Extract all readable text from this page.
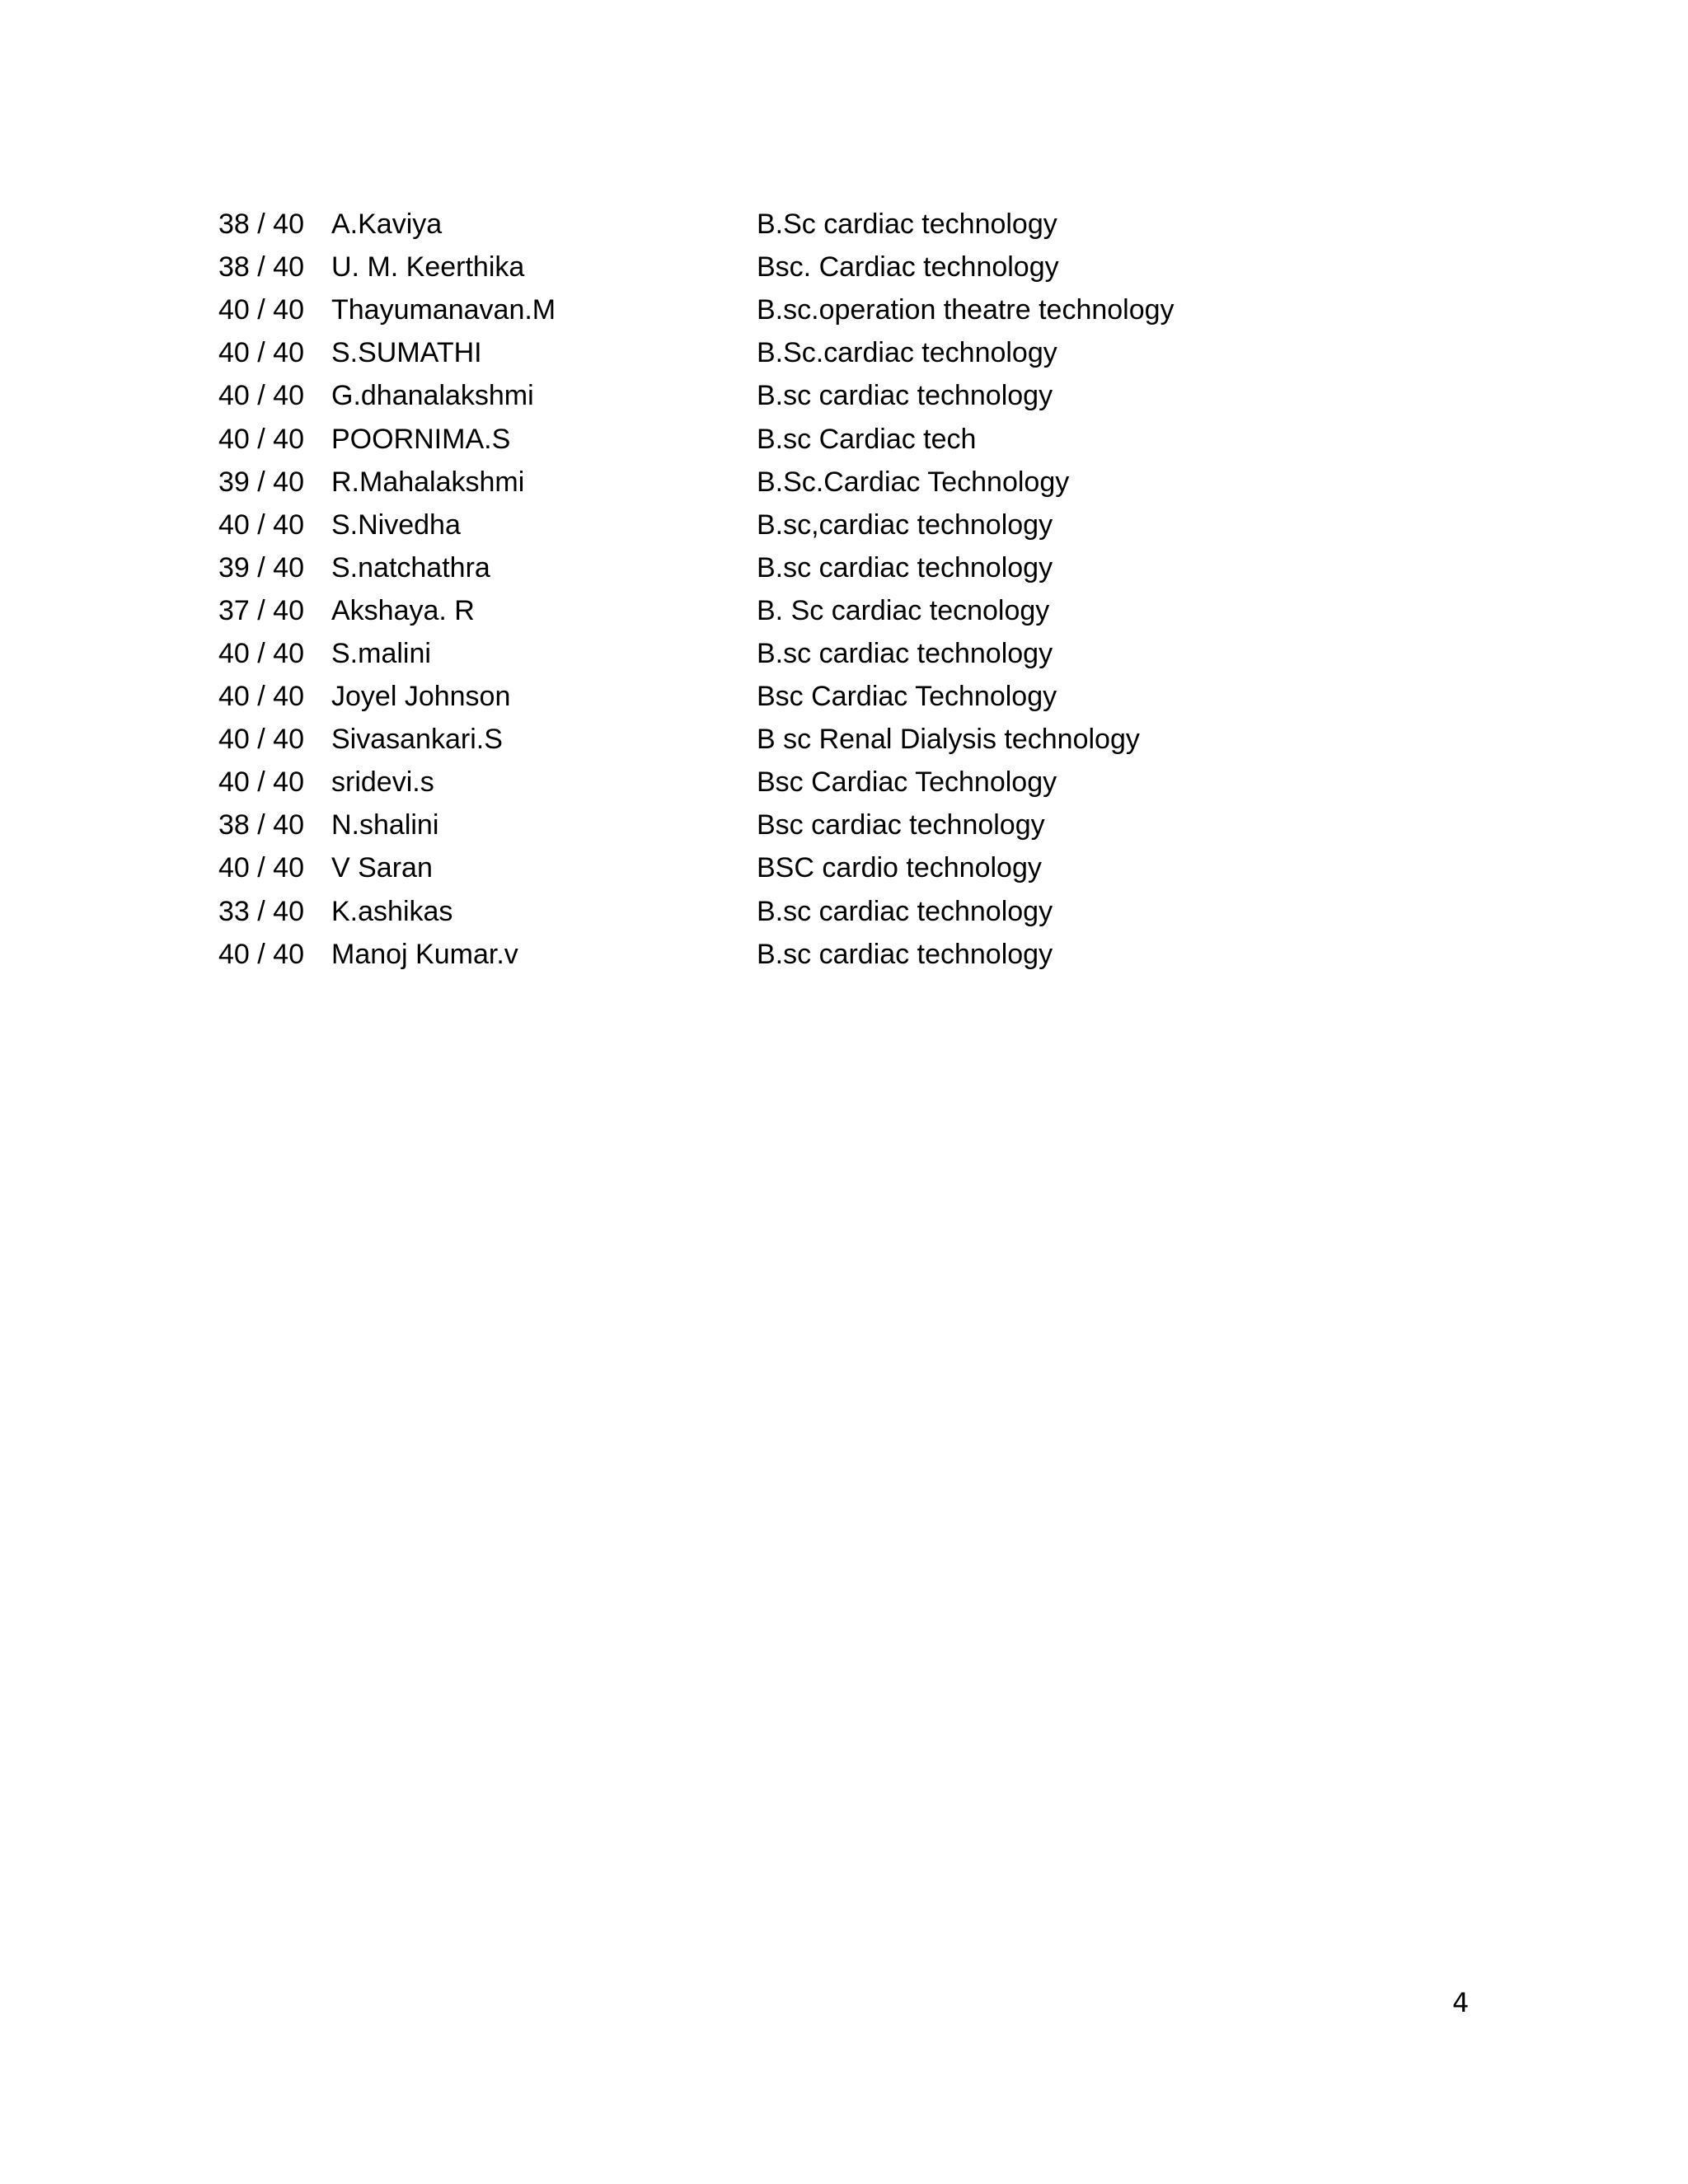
38 / 40	A.Kaviya	B.Sc cardiac technology
38 / 40	U. M. Keerthika	Bsc. Cardiac technology
40 / 40	Thayumanavan.M	B.sc.operation theatre technology
40 / 40	S.SUMATHI	B.Sc.cardiac technology
40 / 40	G.dhanalakshmi	B.sc cardiac technology
40 / 40	POORNIMA.S	B.sc Cardiac tech
39 / 40	R.Mahalakshmi	B.Sc.Cardiac Technology
40 / 40	S.Nivedha	B.sc,cardiac technology
39 / 40	S.natchathra	B.sc cardiac technology
37 / 40	Akshaya. R	B. Sc cardiac tecnology
40 / 40	S.malini	B.sc cardiac technology
40 / 40	Joyel Johnson	Bsc Cardiac Technology
40 / 40	Sivasankari.S	B sc Renal Dialysis technology
40 / 40	sridevi.s	Bsc Cardiac Technology
38 / 40	N.shalini	Bsc cardiac technology
40 / 40	V Saran	BSC cardio technology
33 / 40	K.ashikas	B.sc cardiac technology
40 / 40	Manoj Kumar.v	B.sc cardiac technology
4
